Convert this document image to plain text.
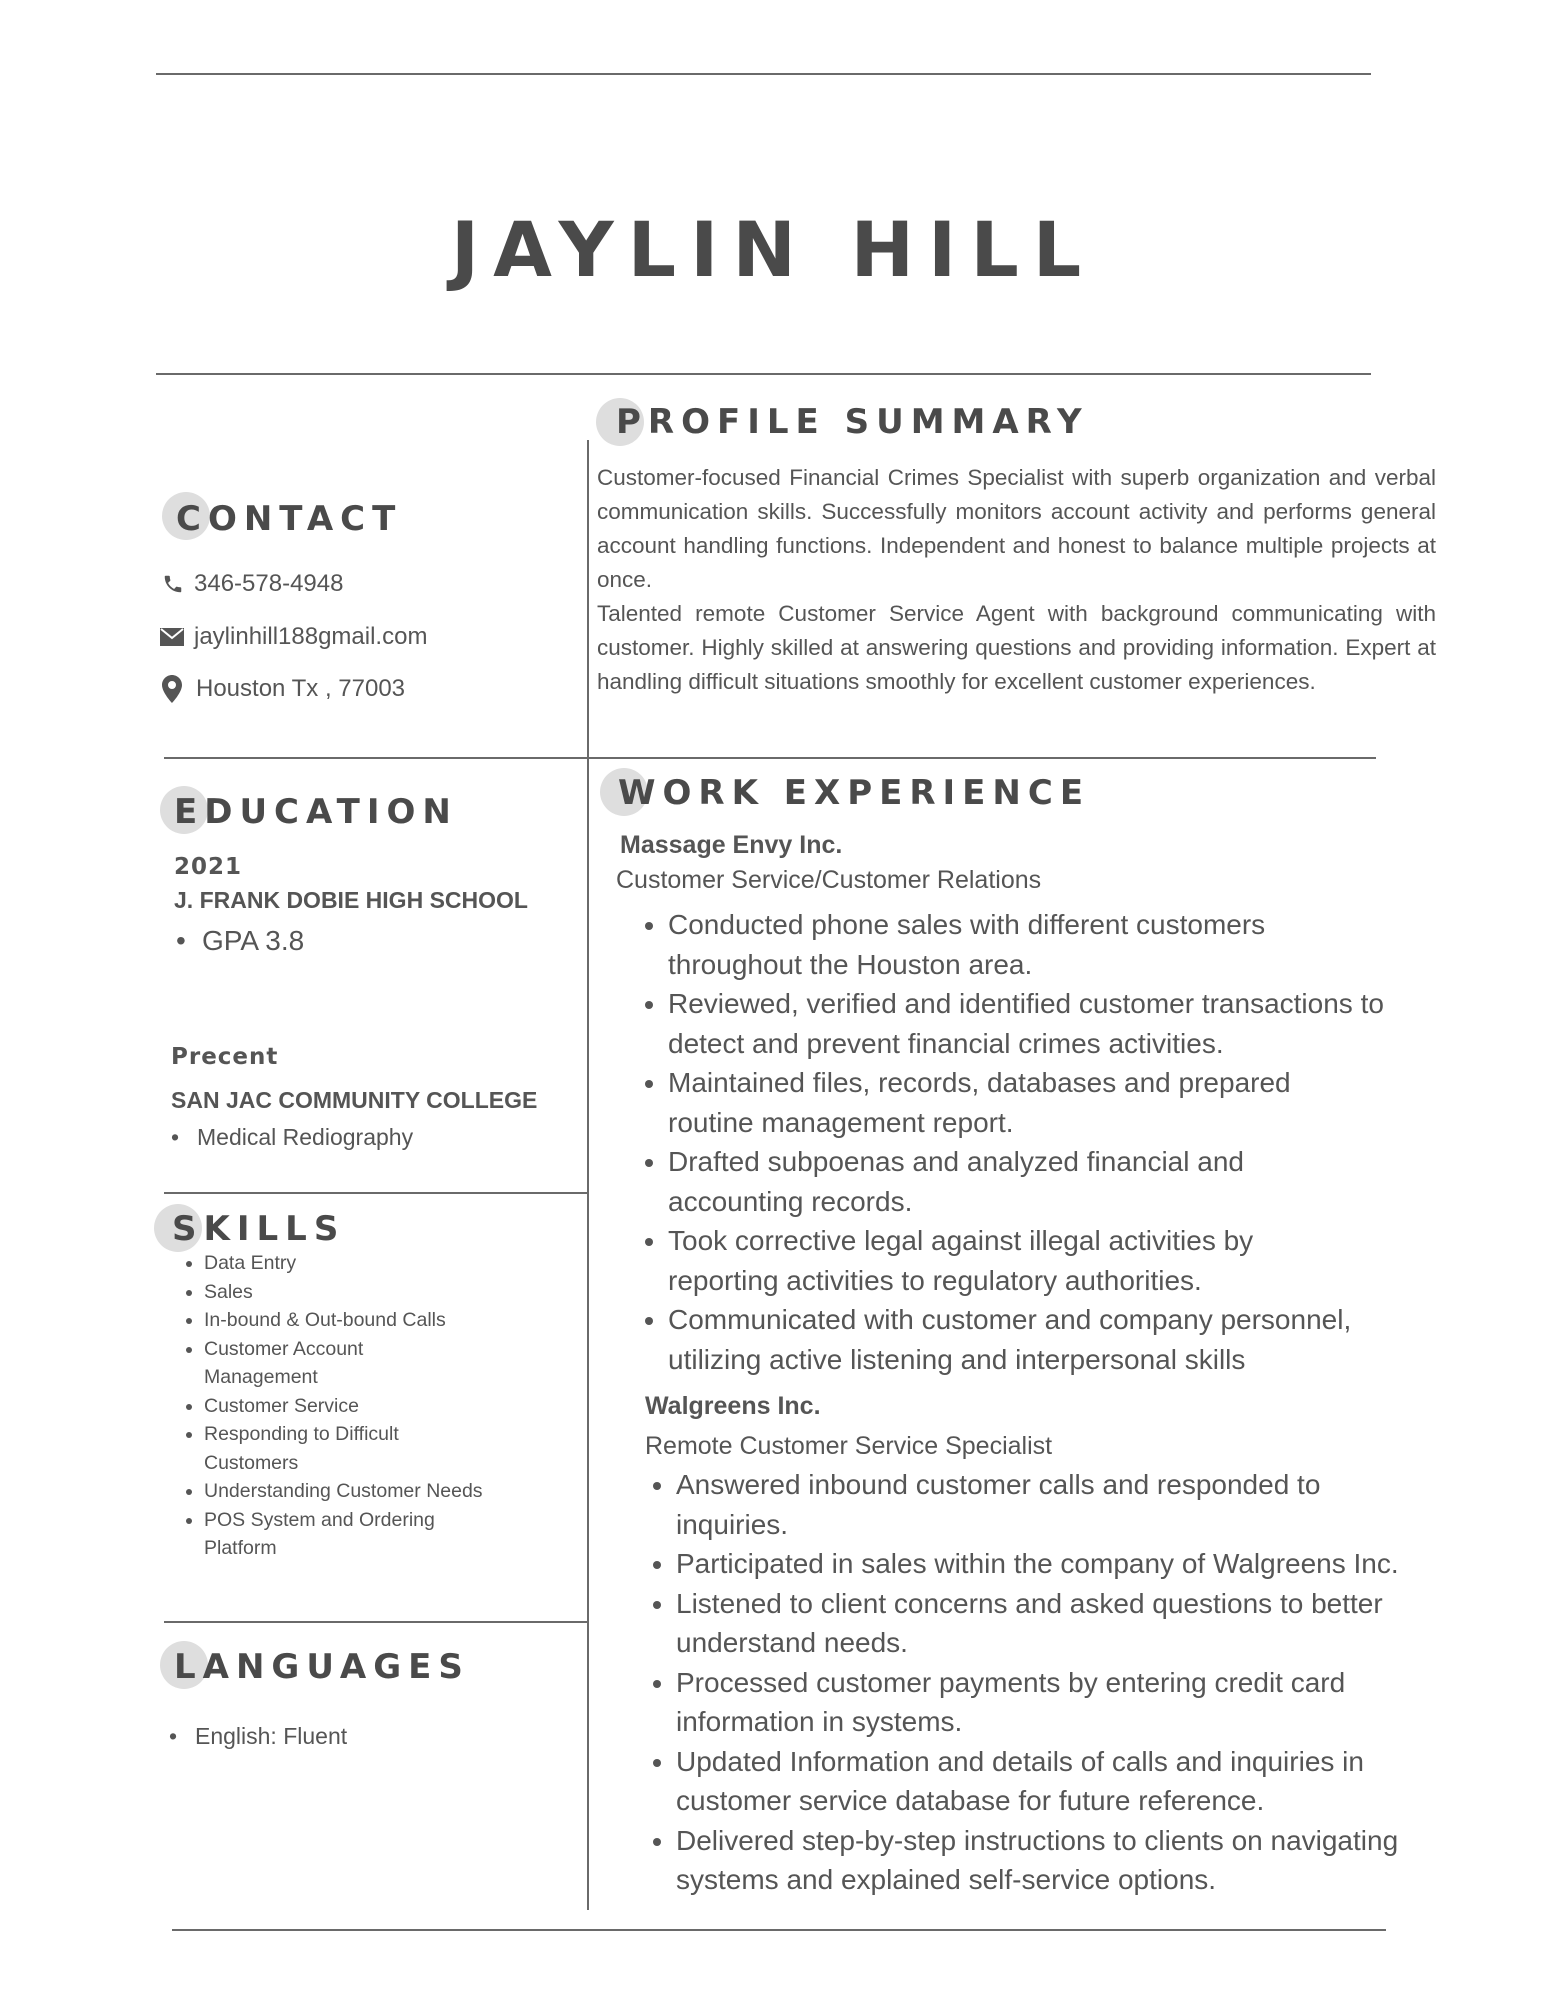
JAYLIN HILL
PROFILE SUMMARY

Customer-focused Financial Crimes Specialist with superb organization and verbal communication skills. Successfully monitors account activity and performs general account handling functions. Independent and honest to balance multiple projects at once.

Talented remote Customer Service Agent with background communicating with customer. Highly skilled at answering questions and providing information. Expert at handling difficult situations smoothly for excellent customer experiences.

CONTACT
346-578-4948
jaylinhill188gmail.com
Houston Tx , 77003
EDUCATION
2021
J. FRANK DOBIE HIGH SCHOOL
• GPA 3.8
Precent
SAN JAC COMMUNITY COLLEGE
• Medical Rediography
SKILLS
• Data Entry
• Sales
• In-bound & Out-bound Calls
• Customer Account Management
• Customer Service
• Responding to Difficult Customers
• Understanding Customer Needs
• POS System and Ordering Platform
LANGUAGES
• English: Fluent
WORK EXPERIENCE
Massage Envy Inc.
Customer Service/Customer Relations
• Conducted phone sales with different customers throughout the Houston area.
• Reviewed, verified and identified customer transactions to detect and prevent financial crimes activities.
• Maintained files, records, databases and prepared routine management report.
• Drafted subpoenas and analyzed financial and accounting records.
• Took corrective legal against illegal activities by reporting activities to regulatory authorities.
• Communicated with customer and company personnel, utilizing active listening and interpersonal skills
Walgreens Inc.
Remote Customer Service Specialist
• Answered inbound customer calls and responded to inquiries.
• Participated in sales within the company of Walgreens Inc.
• Listened to client concerns and asked questions to better understand needs.
• Processed customer payments by entering credit card information in systems.
• Updated Information and details of calls and inquiries in customer service database for future reference.
• Delivered step-by-step instructions to clients on navigating systems and explained self-service options.
